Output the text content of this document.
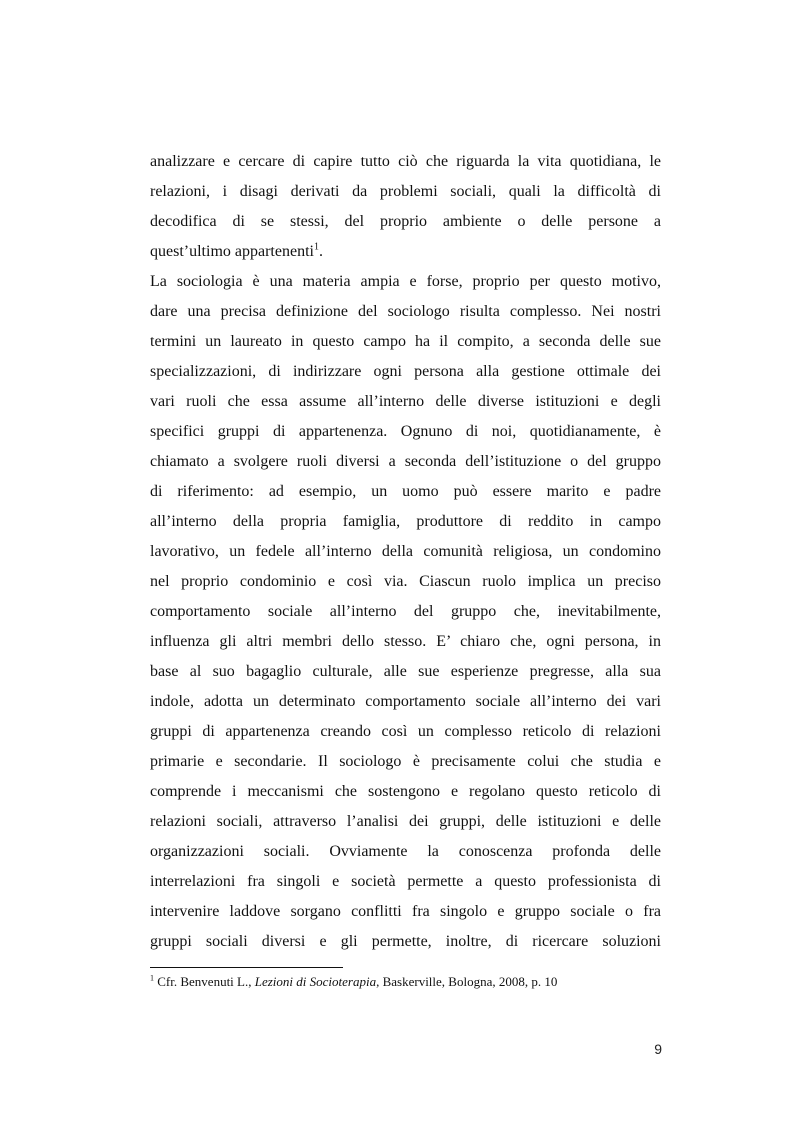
analizzare e cercare di capire tutto ciò che riguarda la vita quotidiana, le
relazioni, i disagi derivati da problemi sociali, quali la difficoltà di
decodifica di se stessi, del proprio ambiente o delle persone a
quest’ultimo appartenenti$^1$.
La sociologia è una materia ampia e forse, proprio per questo motivo,
dare una precisa definizione del sociologo risulta complesso. Nei nostri
termini un laureato in questo campo ha il compito, a seconda delle sue
specializzazioni, di indirizzare ogni persona alla gestione ottimale dei
vari ruoli che essa assume all’interno delle diverse istituzioni e degli
specifici gruppi di appartenenza. Ognuno di noi, quotidianamente, è
chiamato a svolgere ruoli diversi a seconda dell’istituzione o del gruppo
di riferimento: ad esempio, un uomo può essere marito e padre
all’interno della propria famiglia, produttore di reddito in campo
lavorativo, un fedele all’interno della comunità religiosa, un condomino
nel proprio condominio e così via. Ciascun ruolo implica un preciso
comportamento sociale all’interno del gruppo che, inevitabilmente,
influenza gli altri membri dello stesso. E’ chiaro che, ogni persona, in
base al suo bagaglio culturale, alle sue esperienze pregresse, alla sua
indole, adotta un determinato comportamento sociale all’interno dei vari
gruppi di appartenenza creando così un complesso reticolo di relazioni
primarie e secondarie. Il sociologo è precisamente colui che studia e
comprende i meccanismi che sostengono e regolano questo reticolo di
relazioni sociali, attraverso l’analisi dei gruppi, delle istituzioni e delle
organizzazioni sociali. Ovviamente la conoscenza profonda delle
interrelazioni fra singoli e società permette a questo professionista di
intervenire laddove sorgano conflitti fra singolo e gruppo sociale o fra
gruppi sociali diversi e gli permette, inoltre, di ricercare soluzioni
$^1$ Cfr. Benvenuti L., Lezioni di Socioterapia, Baskerville, Bologna, 2008, p. 10
9
